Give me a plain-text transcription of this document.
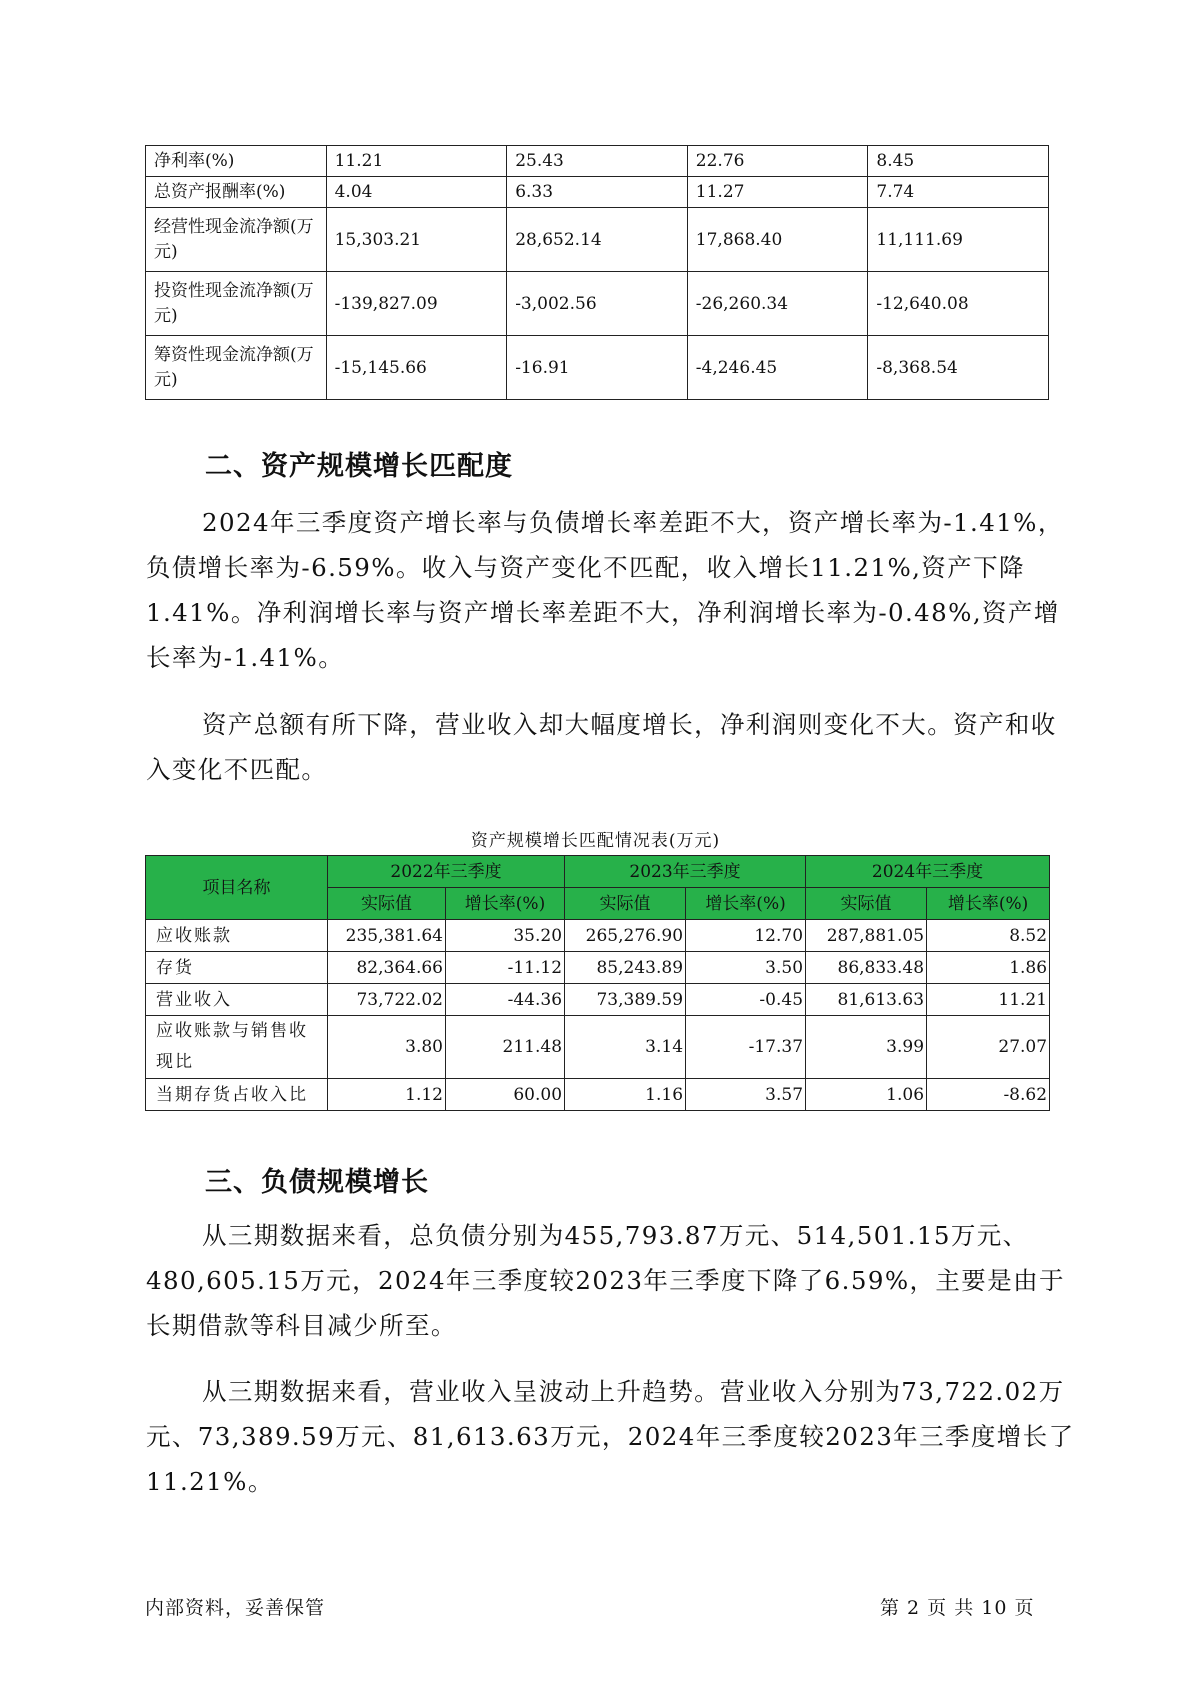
净利率(%)	11.21	25.43	22.76	8.45
总资产报酬率(%)	4.04	6.33	11.27	7.74
经营性现金流净额(万元)	15,303.21	28,652.14	17,868.40	11,111.69
投资性现金流净额(万元)	-139,827.09	-3,002.56	-26,260.34	-12,640.08
筹资性现金流净额(万元)	-15,145.66	-16.91	-4,246.45	-8,368.54
二、资产规模增长匹配度

2024年三季度资产增长率与负债增长率差距不大，资产增长率为-1.41%，负债增长率为-6.59%。收入与资产变化不匹配，收入增长11.21%,资产下降1.41%。净利润增长率与资产增长率差距不大，净利润增长率为-0.48%,资产增长率为-1.41%。

资产总额有所下降，营业收入却大幅度增长，净利润则变化不大。资产和收入变化不匹配。

资产规模增长匹配情况表(万元)
项目名称	2022年三季度		2023年三季度		2024年三季度	
	实际值	增长率(%)	实际值	增长率(%)	实际值	增长率(%)
应收账款	235,381.64	35.20	265,276.90	12.70	287,881.05	8.52
存货	82,364.66	-11.12	85,243.89	3.50	86,833.48	1.86
营业收入	73,722.02	-44.36	73,389.59	-0.45	81,613.63	11.21
应收账款与销售收现比	3.80	211.48	3.14	-17.37	3.99	27.07
当期存货占收入比	1.12	60.00	1.16	3.57	1.06	-8.62
三、负债规模增长

从三期数据来看，总负债分别为455,793.87万元、514,501.15万元、480,605.15万元，2024年三季度较2023年三季度下降了6.59%，主要是由于长期借款等科目减少所至。

从三期数据来看，营业收入呈波动上升趋势。营业收入分别为73,722.02万元、73,389.59万元、81,613.63万元，2024年三季度较2023年三季度增长了11.21%。

内部资料，妥善保管	第 2 页 共 10 页
